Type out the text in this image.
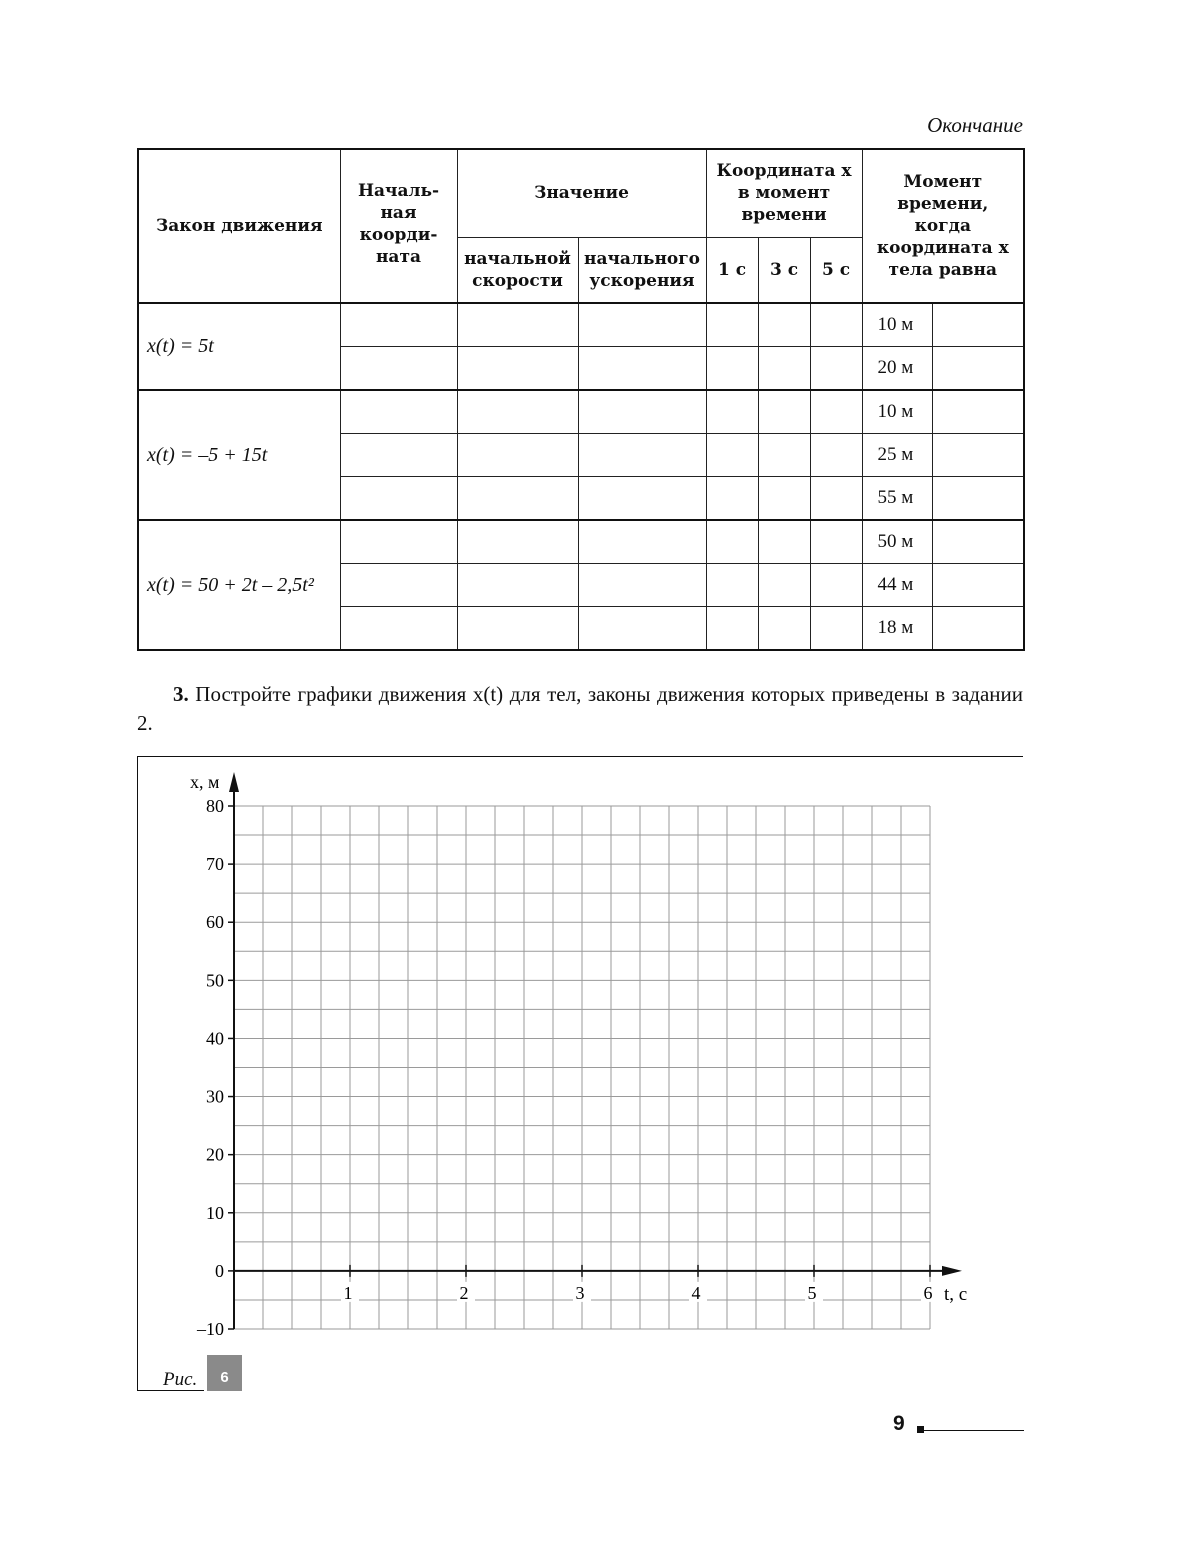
Окончание
Закон движения	Началь-ная коорди-ната	Значение		Координата x в момент времени			Момент времени, когда координата x тела равна	
		начальной скорости	начального ускорения	1 с	3 с	5 с		
x(t) = 5t							10 м	
							20 м	
x(t) = –5 + 15t							10 м	
							25 м	
							55 м	
x(t) = 50 + 2t – 2,5t²							50 м	
							44 м	
							18 м	
3. Постройте графики движения x(t) для тел, законы движения которых приведены в задании 2.
80
70
60
50
40
30
20
10
0
–10
1	2	3	4	5	6
x, м
t, с
Рис.	6
9
